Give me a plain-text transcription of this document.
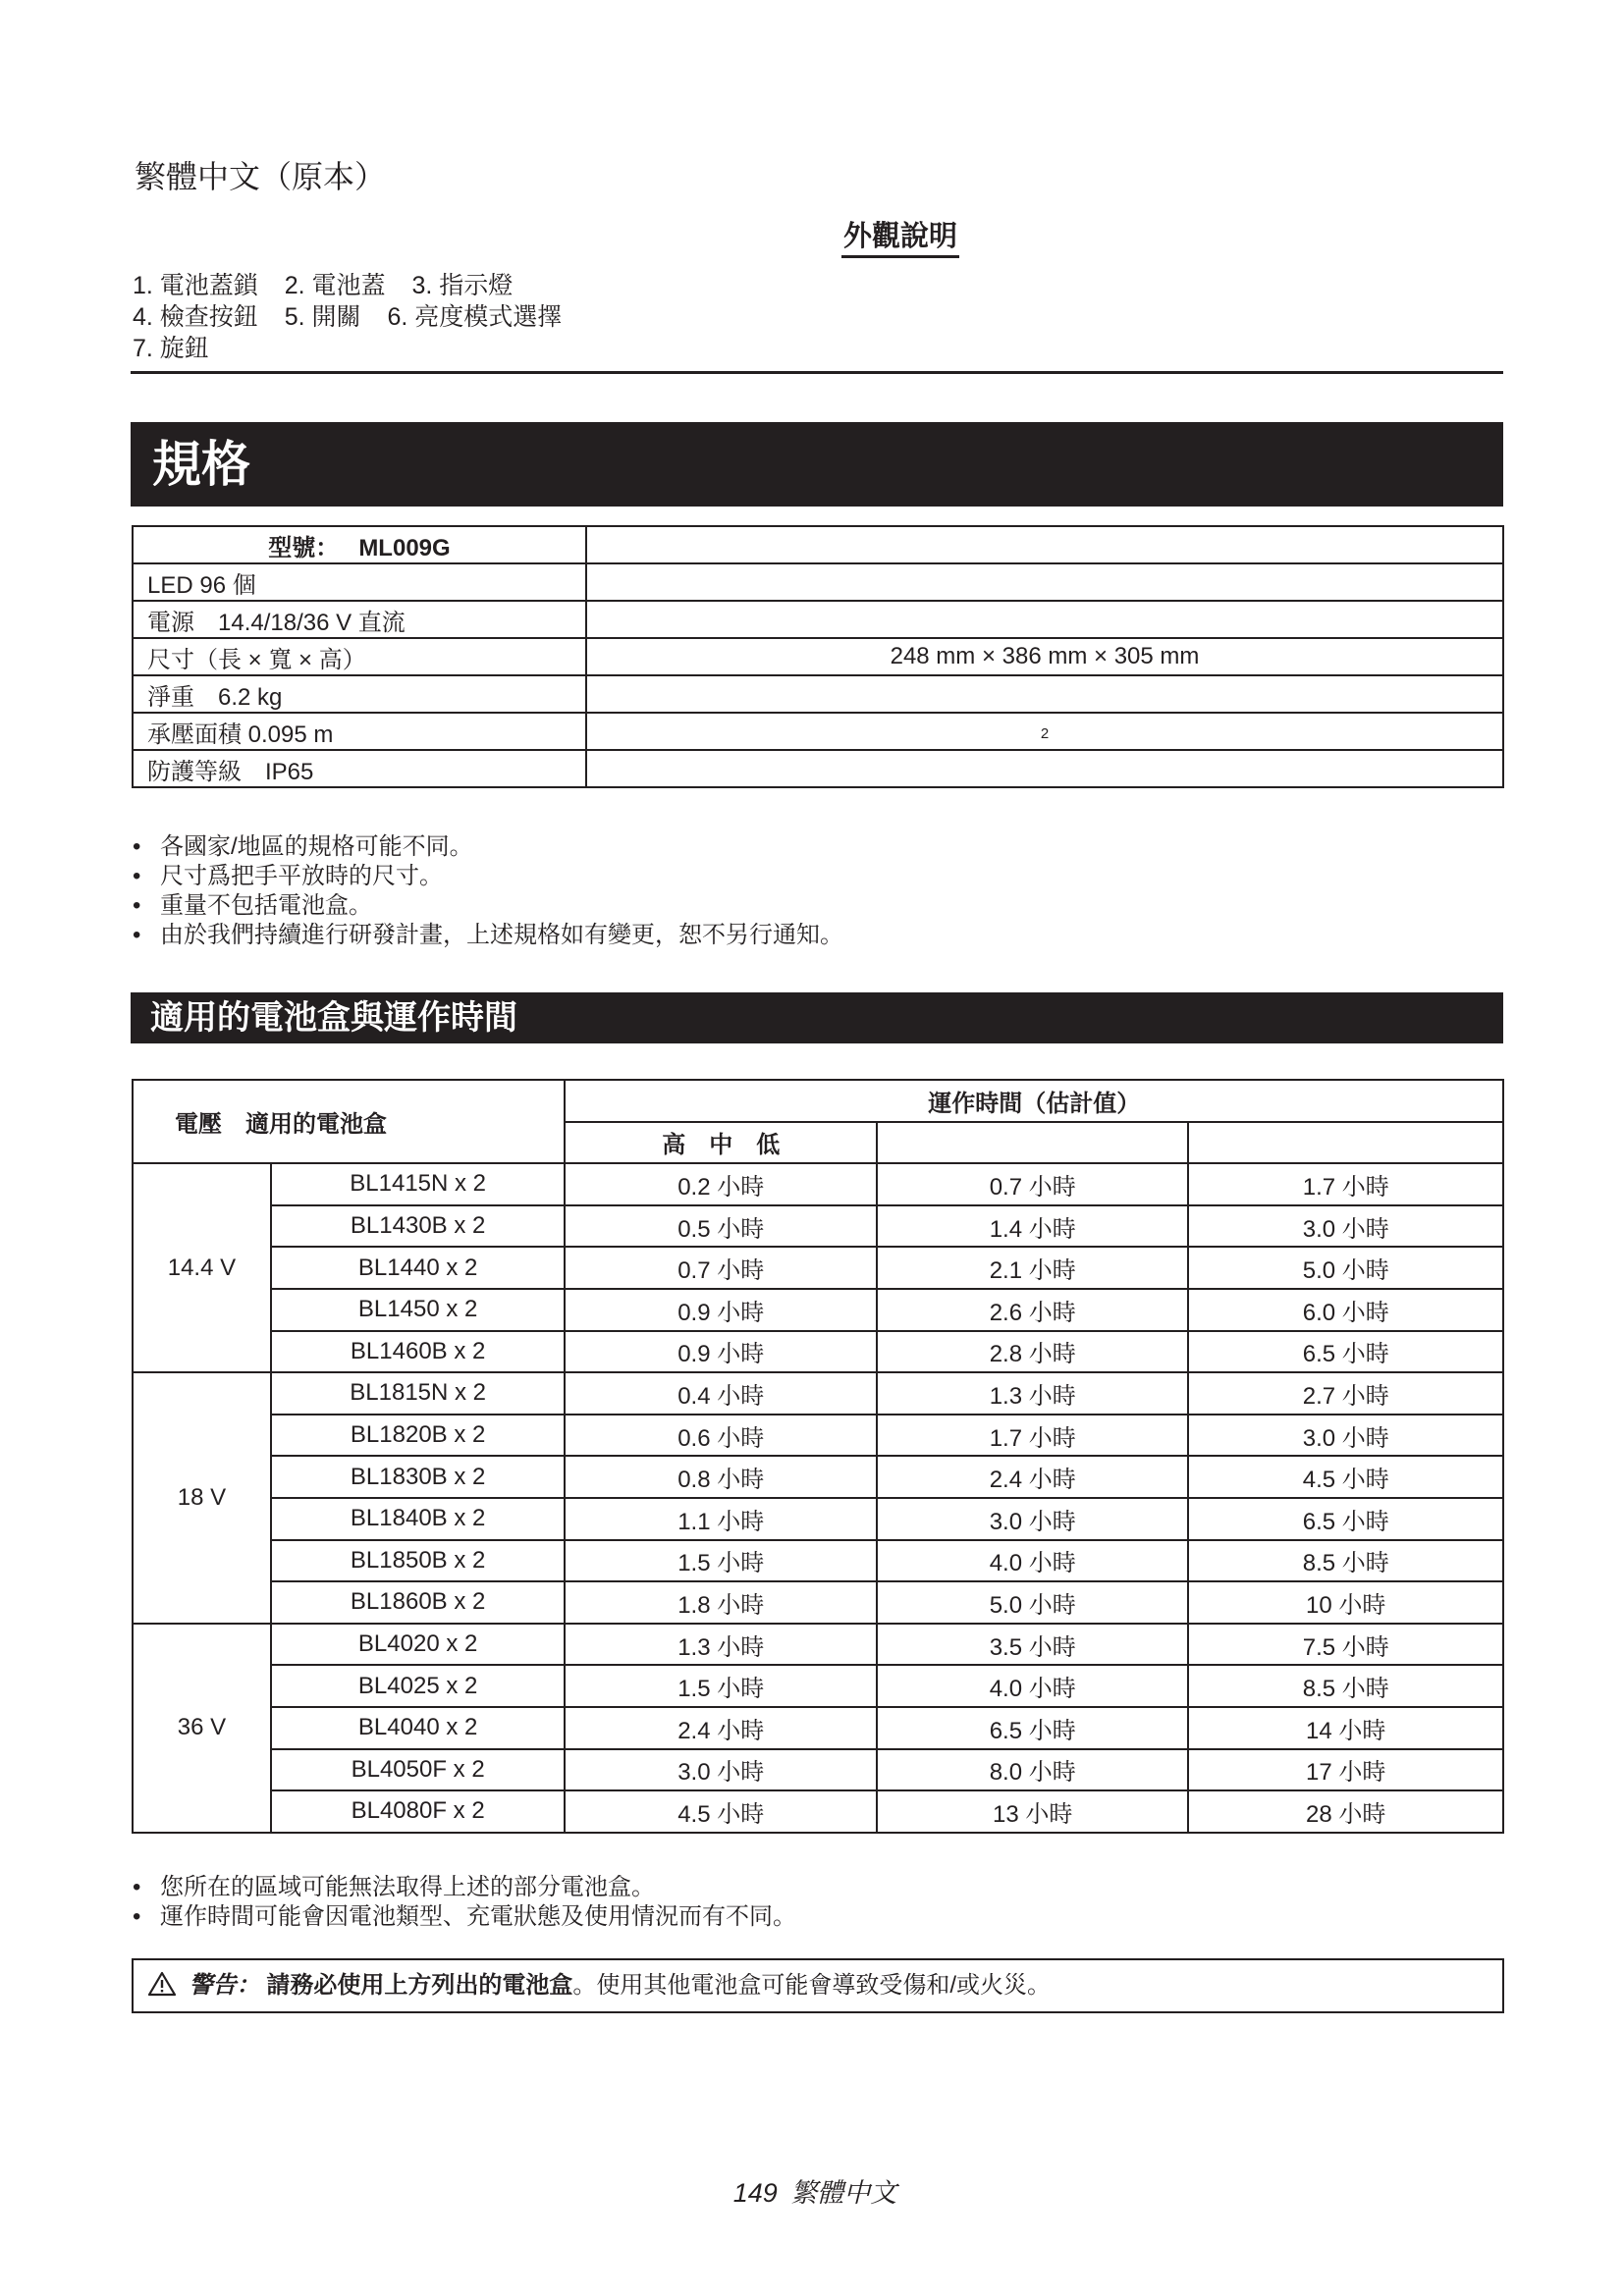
繁體中文（原本）
外觀說明
1. 電池蓋鎖 2. 電池蓋 3. 指示燈
4. 檢查按鈕 5. 開關 6. 亮度模式選擇
7. 旋鈕
規格
型號： ML009G	
LED 96 個	
電源　14.4/18/36 V 直流	
尺寸（長 × 寬 × 高）	248 mm × 386 mm × 305 mm
淨重　6.2 kg	
承壓面積 0.095 m	2
防護等級　IP65	
• 各國家/地區的規格可能不同。
• 尺寸爲把手平放時的尺寸。
• 重量不包括電池盒。
• 由於我們持續進行研發計畫，上述規格如有變更，恕不另行通知。
適用的電池盒與運作時間
電壓　適用的電池盒		運作時間（估計值）		
		高　中　低		
14.4 V	BL1415N x 2	0.2 小時	0.7 小時	1.7 小時
	BL1430B x 2	0.5 小時	1.4 小時	3.0 小時
	BL1440 x 2	0.7 小時	2.1 小時	5.0 小時
	BL1450 x 2	0.9 小時	2.6 小時	6.0 小時
	BL1460B x 2	0.9 小時	2.8 小時	6.5 小時
18 V	BL1815N x 2	0.4 小時	1.3 小時	2.7 小時
	BL1820B x 2	0.6 小時	1.7 小時	3.0 小時
	BL1830B x 2	0.8 小時	2.4 小時	4.5 小時
	BL1840B x 2	1.1 小時	3.0 小時	6.5 小時
	BL1850B x 2	1.5 小時	4.0 小時	8.5 小時
	BL1860B x 2	1.8 小時	5.0 小時	10 小時
36 V	BL4020 x 2	1.3 小時	3.5 小時	7.5 小時
	BL4025 x 2	1.5 小時	4.0 小時	8.5 小時
	BL4040 x 2	2.4 小時	6.5 小時	14 小時
	BL4050F x 2	3.0 小時	8.0 小時	17 小時
	BL4080F x 2	4.5 小時	13 小時	28 小時
• 您所在的區域可能無法取得上述的部分電池盒。
• 運作時間可能會因電池類型、充電狀態及使用情況而有不同。
警告： 請務必使用上方列出的電池盒。使用其他電池盒可能會導致受傷和/或火災。
149 繁體中文
